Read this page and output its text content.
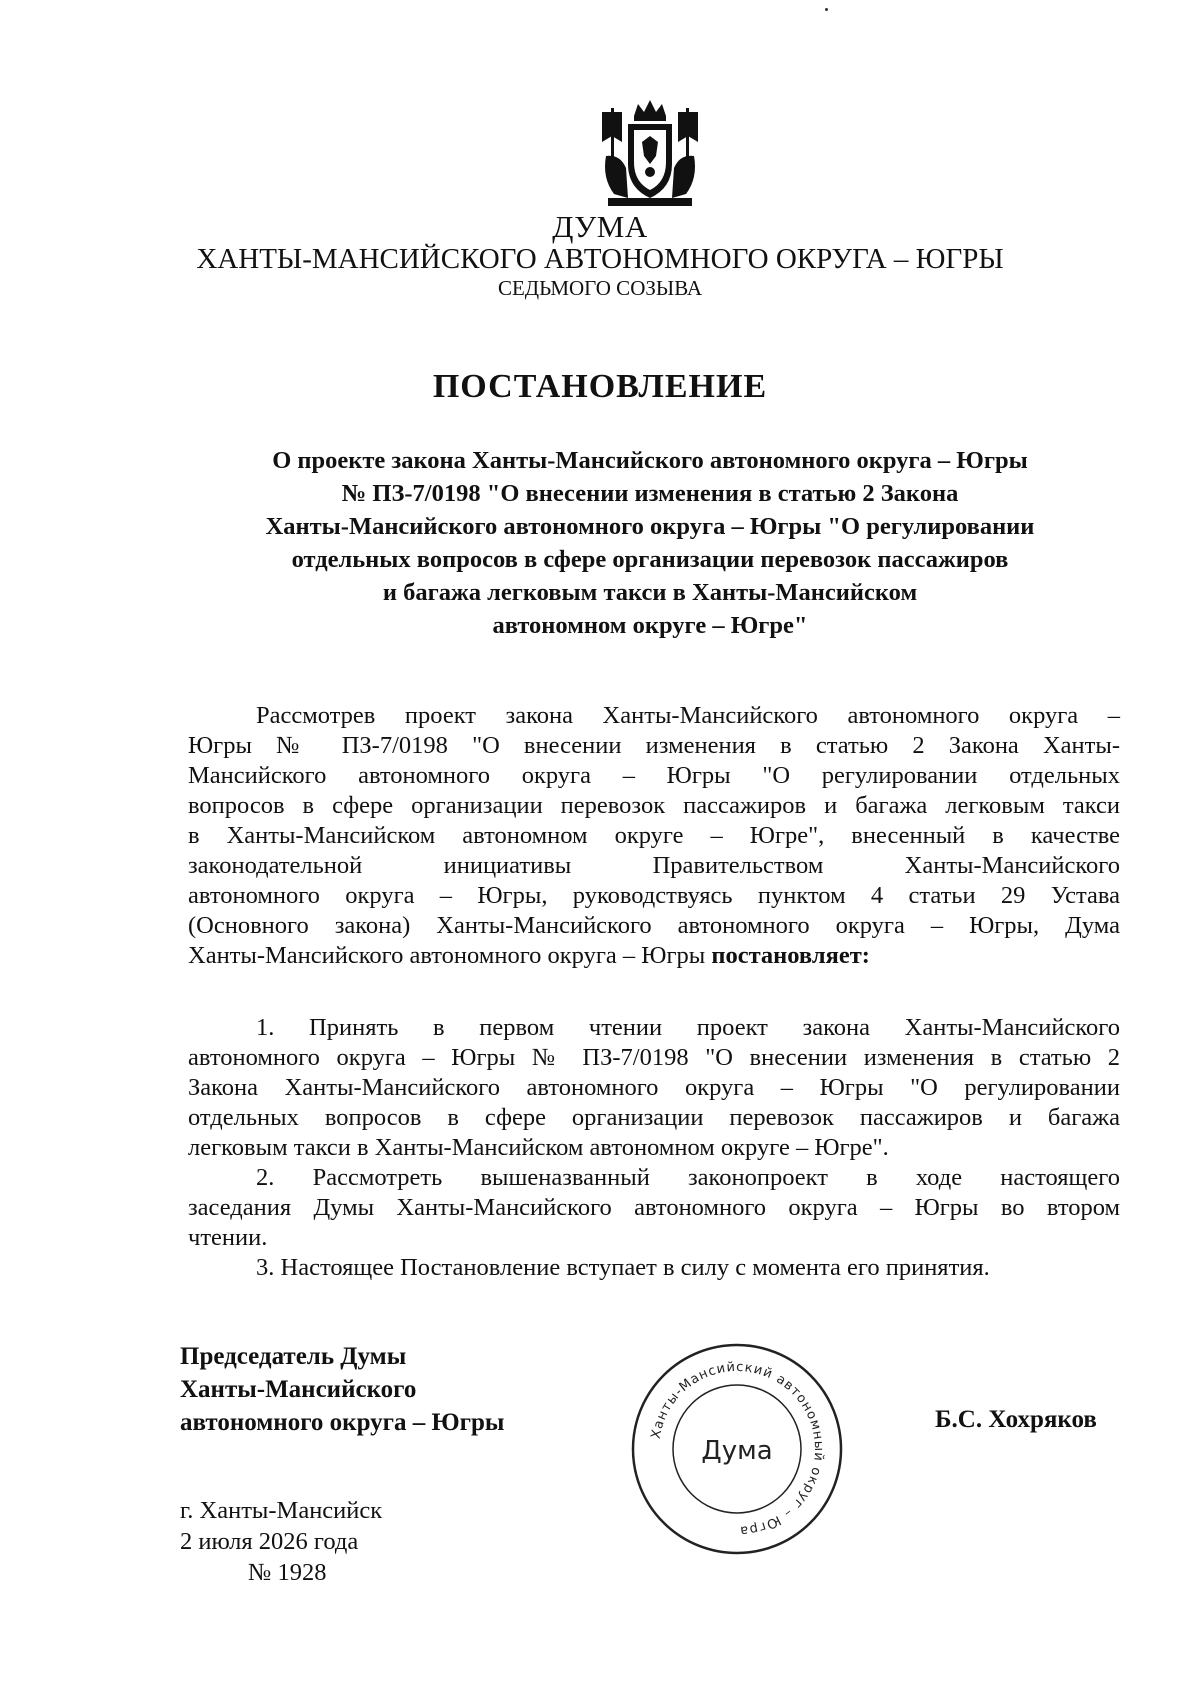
ДУМА
ХАНТЫ-МАНСИЙСКОГО АВТОНОМНОГО ОКРУГА – ЮГРЫ
СЕДЬМОГО СОЗЫВА
ПОСТАНОВЛЕНИЕ
О проекте закона Ханты-Мансийского автономного округа – Югры
№ ПЗ-7/0198 "О внесении изменения в статью 2 Закона
Ханты-Мансийского автономного округа – Югры "О регулировании
отдельных вопросов в сфере организации перевозок пассажиров
и багажа легковым такси в Ханты-Мансийском
автономном округе – Югре"
Рассмотрев проект закона Ханты-Мансийского автономного округа –
Югры № ПЗ-7/0198 "О внесении изменения в статью 2 Закона Ханты-
Мансийского автономного округа – Югры "О регулировании отдельных
вопросов в сфере организации перевозок пассажиров и багажа легковым такси
в Ханты-Мансийском автономном округе – Югре", внесенный в качестве
законодательной инициативы Правительством Ханты-Мансийского
автономного округа – Югры, руководствуясь пунктом 4 статьи 29 Устава
(Основного закона) Ханты-Мансийского автономного округа – Югры, Дума
Ханты-Мансийского автономного округа – Югры постановляет:
1. Принять в первом чтении проект закона Ханты-Мансийского
автономного округа – Югры № ПЗ-7/0198 "О внесении изменения в статью 2
Закона Ханты-Мансийского автономного округа – Югры "О регулировании
отдельных вопросов в сфере организации перевозок пассажиров и багажа
легковым такси в Ханты-Мансийском автономном округе – Югре".
2. Рассмотреть вышеназванный законопроект в ходе настоящего
заседания Думы Ханты-Мансийского автономного округа – Югры во втором
чтении.
3. Настоящее Постановление вступает в силу с момента его принятия.
Председатель Думы
Ханты-Мансийского
автономного округа – Югры	Ханты-Мансийский автономный округ – Югра
Дума
Б.С. Хохряков
г. Ханты-Мансийск
2 июля 2026 года
№ 1928
